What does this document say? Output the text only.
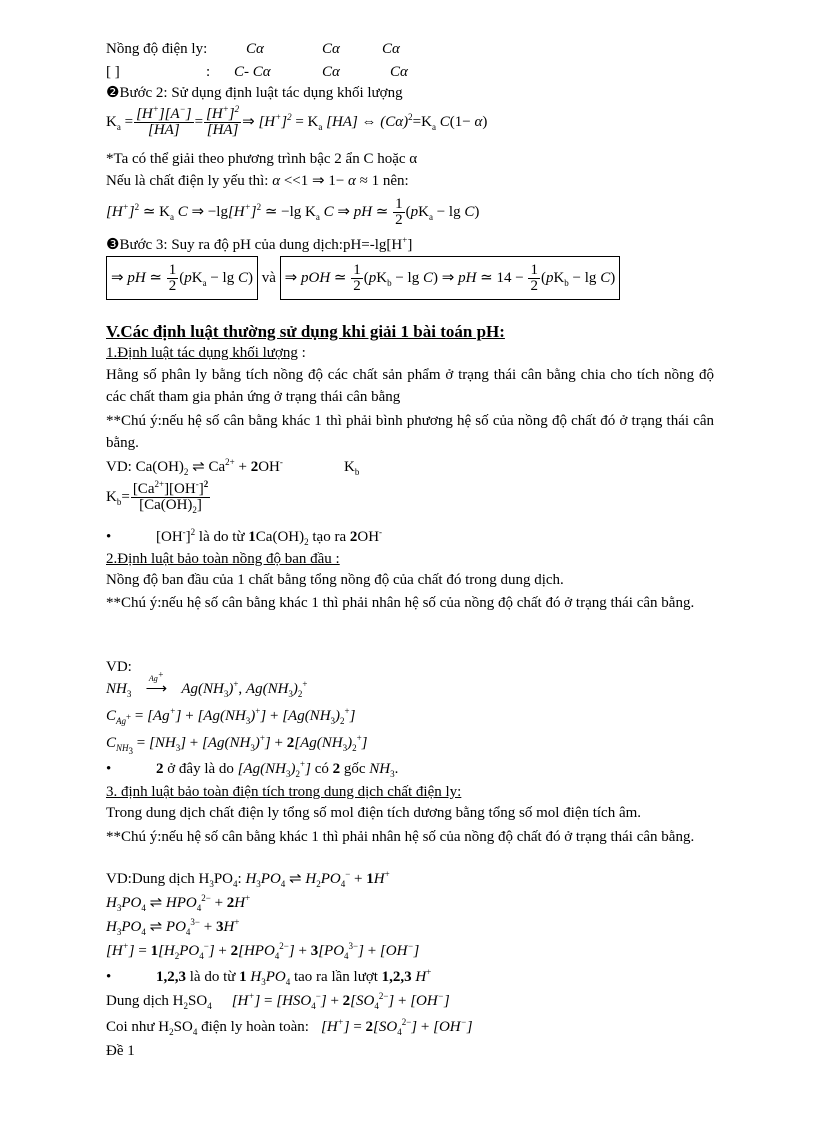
Nồng độ điện ly:	Cα	Cα	Cα
[ ]	: C- Cα	Cα	Cα
❷Bước 2: Sử dụng định luật tác dụng khối lượng
$K_a = \frac{[H^+][A^-]}{[HA]} = \frac{[H^+]^2}{[HA]}$ ⇒ $[H^+]^2 = K_a$ [HA] ⇔ $(C\alpha)^2=K_a$ C(1− α)
*Ta có thể giải theo phương trình bậc 2 ẩn C hoặc α
Nếu là chất điện ly yếu thì: α <<1 ⇒ 1− α ≈ 1 nên:
$[H^+]^2$ ≃ $K_a$ C ⇒ $-\lg[H^+]^2$ ≃ −lg $K_a$ C ⇒ pH ≃ $\frac{1}{2} (pK_a - \lg C)$
❸Bước 3: Suy ra độ pH của dung dịch:pH=-lg[H+]
⇒ pH ≃ $\frac{1}{2} (pK_a - \lg C)$ và ⇒ pOH ≃ $\frac{1}{2} (pK_b - \lg C)$ ⇒ pH ≃ $14 - \frac{1}{2} (pK_b - \lg C)$
V.Các định luật thường sử dụng khi giải 1 bài toán pH:
1.Định luật tác dụng khối lượng :
Hằng số phân ly bằng tích nồng độ các chất sản phẩm ở trạng thái cân bằng chia cho tích nồng độ các chất tham gia phản ứng ở trạng thái cân bằng
**Chú ý:nếu hệ số cân bằng khác 1 thì phải bình phương hệ số của nồng độ chất đó ở trạng thái cân bằng.
VD: $Ca(OH)_2$ ⇌ $Ca^{2+} + 2OH^-$	$K_b$
$K_b= \frac{[Ca^{2+}][OH^-]^2}{[Ca(OH)_2]}$
•	$[OH^-]^2$ là do từ $1Ca(OH)_2$ tạo ra 2OH-
2.Định luật bảo toàn nồng độ ban đầu :
Nồng độ ban đầu của 1 chất bằng tổng nồng độ của chất đó trong dung dịch.
**Chú ý:nếu hệ số cân bằng khác 1 thì phải nhân hệ số của nồng độ chất đó ở trạng thái cân bằng.
VD:
$NH_3$
Ag+
⟶ $Ag(NH_3)^+$, $Ag(NH_3)_2^+$
$C_{Ag^+} = [Ag^+] + [Ag(NH_3)^+] + [Ag(NH_3)_2^+]$
$C_{NH_3} = [NH_3] + [Ag(NH_3)^+] + 2[Ag(NH_3)_2^+]$
•	2 ở đây là do $[Ag(NH_3)_2^+]$ có 2 gốc $NH_3$.
3. định luật bảo toàn điện tích trong dung dịch chất điện ly:
Trong dung dịch chất điện ly tổng số mol điện tích dương bằng tổng số mol điện tích âm.
**Chú ý:nếu hệ số cân bằng khác 1 thì phải nhân hệ số của nồng độ chất đó ở trạng thái cân bằng.
VD:Dung dịch $H_3PO_4$: $H_3PO_4$ ⇌ $H_2PO_4^- + 1H^+$
$H_3PO_4$ ⇌ $HPO_4^{2-} + 2H^+$
$H_3PO_4$ ⇌ $PO_4^{3-} + 3H^+$
$[H^+] = 1[H_2PO_4^-] + 2[HPO_4^{2-}] + 3[PO_4^{3-}] + [OH^-]$
•	1,2,3 là do từ 1 $H_3PO_4$ tao ra lần lượt 1,2,3 H+
Dung dịch $H_2SO_4$ $[H^+] = [HSO_4^-] + 2[SO_4^{2-}] + [OH^-]$
Coi như $H_2SO_4$ điện ly hoàn toàn: $[H^+] = 2[SO_4^{2-}] + [OH^-]$
Đề 1
